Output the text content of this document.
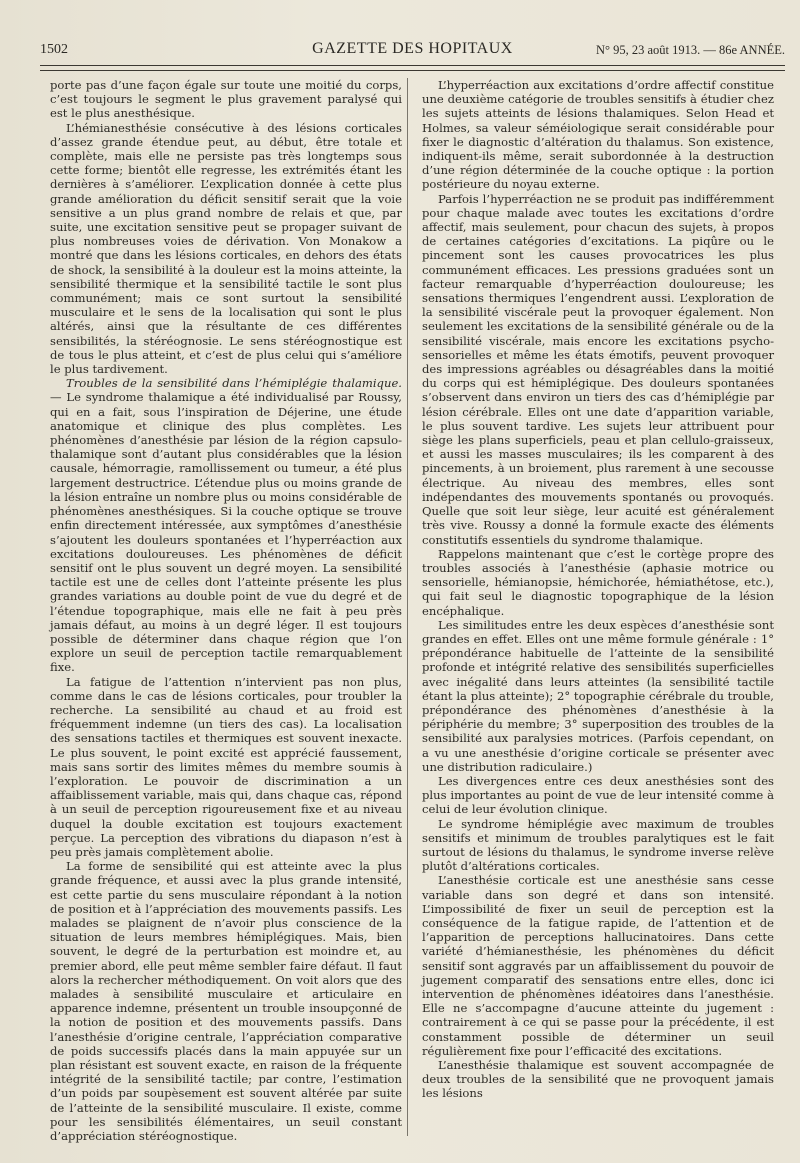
1502	GAZETTE DES HOPITAUX	N° 95, 23 août 1913. — 86e ANNÉE.

porte pas d’une façon égale sur toute une moitié du corps, c’est toujours le segment le plus gravement paralysé qui est le plus anesthésique.

L’hémianesthésie consécutive à des lésions corticales d’assez grande étendue peut, au début, être totale et complète, mais elle ne persiste pas très longtemps sous cette forme; bientôt elle regresse, les extrémités étant les dernières à s’améliorer. L’explication donnée à cette plus grande amélioration du déficit sensitif serait que la voie sensitive a un plus grand nombre de relais et que, par suite, une excitation sensitive peut se propager suivant de plus nombreuses voies de dérivation. Von Monakow a montré que dans les lésions corticales, en dehors des états de shock, la sensibilité à la douleur est la moins atteinte, la sensibilité thermique et la sensibilité tactile le sont plus communément; mais ce sont surtout la sensibilité musculaire et le sens de la localisation qui sont le plus altérés, ainsi que la résultante de ces différentes sensibilités, la stéréognosie. Le sens stéréognostique est de tous le plus atteint, et c’est de plus celui qui s’améliore le plus tardivement.

Troubles de la sensibilité dans l’hémiplégie thalamique. — Le syndrome thalamique a été individualisé par Roussy, qui en a fait, sous l’inspiration de Déjerine, une étude anatomique et clinique des plus complètes. Les phénomènes d’anesthésie par lésion de la région capsulo-thalamique sont d’autant plus considérables que la lésion causale, hémorragie, ramollissement ou tumeur, a été plus largement destructrice. L’étendue plus ou moins grande de la lésion entraîne un nombre plus ou moins considérable de phénomènes anesthésiques. Si la couche optique se trouve enfin directement intéressée, aux symptômes d’anesthésie s’ajoutent les douleurs spontanées et l’hyperréaction aux excitations douloureuses. Les phénomènes de déficit sensitif ont le plus souvent un degré moyen. La sensibilité tactile est une de celles dont l’atteinte présente les plus grandes variations au double point de vue du degré et de l’étendue topographique, mais elle ne fait à peu près jamais défaut, au moins à un degré léger. Il est toujours possible de déterminer dans chaque région que l’on explore un seuil de perception tactile remarquablement fixe.

La fatigue de l’attention n’intervient pas non plus, comme dans le cas de lésions corticales, pour troubler la recherche. La sensibilité au chaud et au froid est fréquemment indemne (un tiers des cas). La localisation des sensations tactiles et thermiques est souvent inexacte. Le plus souvent, le point excité est apprécié faussement, mais sans sortir des limites mêmes du membre soumis à l’exploration. Le pouvoir de discrimination a un affaiblissement variable, mais qui, dans chaque cas, répond à un seuil de perception rigoureusement fixe et au niveau duquel la double excitation est toujours exactement perçue. La perception des vibrations du diapason n’est à peu près jamais complètement abolie.

La forme de sensibilité qui est atteinte avec la plus grande fréquence, et aussi avec la plus grande intensité, est cette partie du sens musculaire répondant à la notion de position et à l’appréciation des mouvements passifs. Les malades se plaignent de n’avoir plus conscience de la situation de leurs membres hémiplégiques. Mais, bien souvent, le degré de la perturbation est moindre et, au premier abord, elle peut même sembler faire défaut. Il faut alors la rechercher méthodiquement. On voit alors que des malades à sensibilité musculaire et articulaire en apparence indemne, présentent un trouble insoupçonné de la notion de position et des mouvements passifs. Dans l’anesthésie d’origine centrale, l’appréciation comparative de poids successifs placés dans la main appuyée sur un plan résistant est souvent exacte, en raison de la fréquente intégrité de la sensibilité tactile; par contre, l’estimation d’un poids par soupèsement est souvent altérée par suite de l’atteinte de la sensibilité musculaire. Il existe, comme pour les sensibilités élémentaires, un seuil constant d’appréciation stéréognostique.

L’hyperréaction aux excitations d’ordre affectif constitue une deuxième catégorie de troubles sensitifs à étudier chez les sujets atteints de lésions thalamiques. Selon Head et Holmes, sa valeur séméiologique serait considérable pour fixer le diagnostic d’altération du thalamus. Son existence, indiquent-ils même, serait subordonnée à la destruction d’une région déterminée de la couche optique : la portion postérieure du noyau externe.

Parfois l’hyperréaction ne se produit pas indifféremment pour chaque malade avec toutes les excitations d’ordre affectif, mais seulement, pour chacun des sujets, à propos de certaines catégories d’excitations. La piqûre ou le pincement sont les causes provocatrices les plus communément efficaces. Les pressions graduées sont un facteur remarquable d’hyperréaction douloureuse; les sensations thermiques l’engendrent aussi. L’exploration de la sensibilité viscérale peut la provoquer également. Non seulement les excitations de la sensibilité générale ou de la sensibilité viscérale, mais encore les excitations psycho-sensorielles et même les états émotifs, peuvent provoquer des impressions agréables ou désagréables dans la moitié du corps qui est hémiplégique. Des douleurs spontanées s’observent dans environ un tiers des cas d’hémiplégie par lésion cérébrale. Elles ont une date d’apparition variable, le plus souvent tardive. Les sujets leur attribuent pour siège les plans superficiels, peau et plan cellulo-graisseux, et aussi les masses musculaires; ils les comparent à des pincements, à un broiement, plus rarement à une secousse électrique. Au niveau des membres, elles sont indépendantes des mouvements spontanés ou provoqués. Quelle que soit leur siège, leur acuité est généralement très vive. Roussy a donné la formule exacte des éléments constitutifs essentiels du syndrome thalamique.

Rappelons maintenant que c’est le cortège propre des troubles associés à l’anesthésie (aphasie motrice ou sensorielle, hémianopsie, hémichorée, hémiathétose, etc.), qui fait seul le diagnostic topographique de la lésion encéphalique.

Les similitudes entre les deux espèces d’anesthésie sont grandes en effet. Elles ont une même formule générale : 1° prépondérance habituelle de l’atteinte de la sensibilité profonde et intégrité relative des sensibilités superficielles avec inégalité dans leurs atteintes (la sensibilité tactile étant la plus atteinte); 2° topographie cérébrale du trouble, prépondérance des phénomènes d’anesthésie à la périphérie du membre; 3° superposition des troubles de la sensibilité aux paralysies motrices. (Parfois cependant, on a vu une anesthésie d’origine corticale se présenter avec une distribution radiculaire.)

Les divergences entre ces deux anesthésies sont des plus importantes au point de vue de leur intensité comme à celui de leur évolution clinique.

Le syndrome hémiplégie avec maximum de troubles sensitifs et minimum de troubles paralytiques est le fait surtout de lésions du thalamus, le syndrome inverse relève plutôt d’altérations corticales.

L’anesthésie corticale est une anesthésie sans cesse variable dans son degré et dans son intensité. L’impossibilité de fixer un seuil de perception est la conséquence de la fatigue rapide, de l’attention et de l’apparition de perceptions hallucinatoires. Dans cette variété d’hémianesthésie, les phénomènes du déficit sensitif sont aggravés par un affaiblissement du pouvoir de jugement comparatif des sensations entre elles, donc ici intervention de phénomènes idéatoires dans l’anesthésie. Elle ne s’accompagne d’aucune atteinte du jugement : contrairement à ce qui se passe pour la précédente, il est constamment possible de déterminer un seuil régulièrement fixe pour l’efficacité des excitations.

L’anesthésie thalamique est souvent accompagnée de deux troubles de la sensibilité que ne provoquent jamais les lésions
